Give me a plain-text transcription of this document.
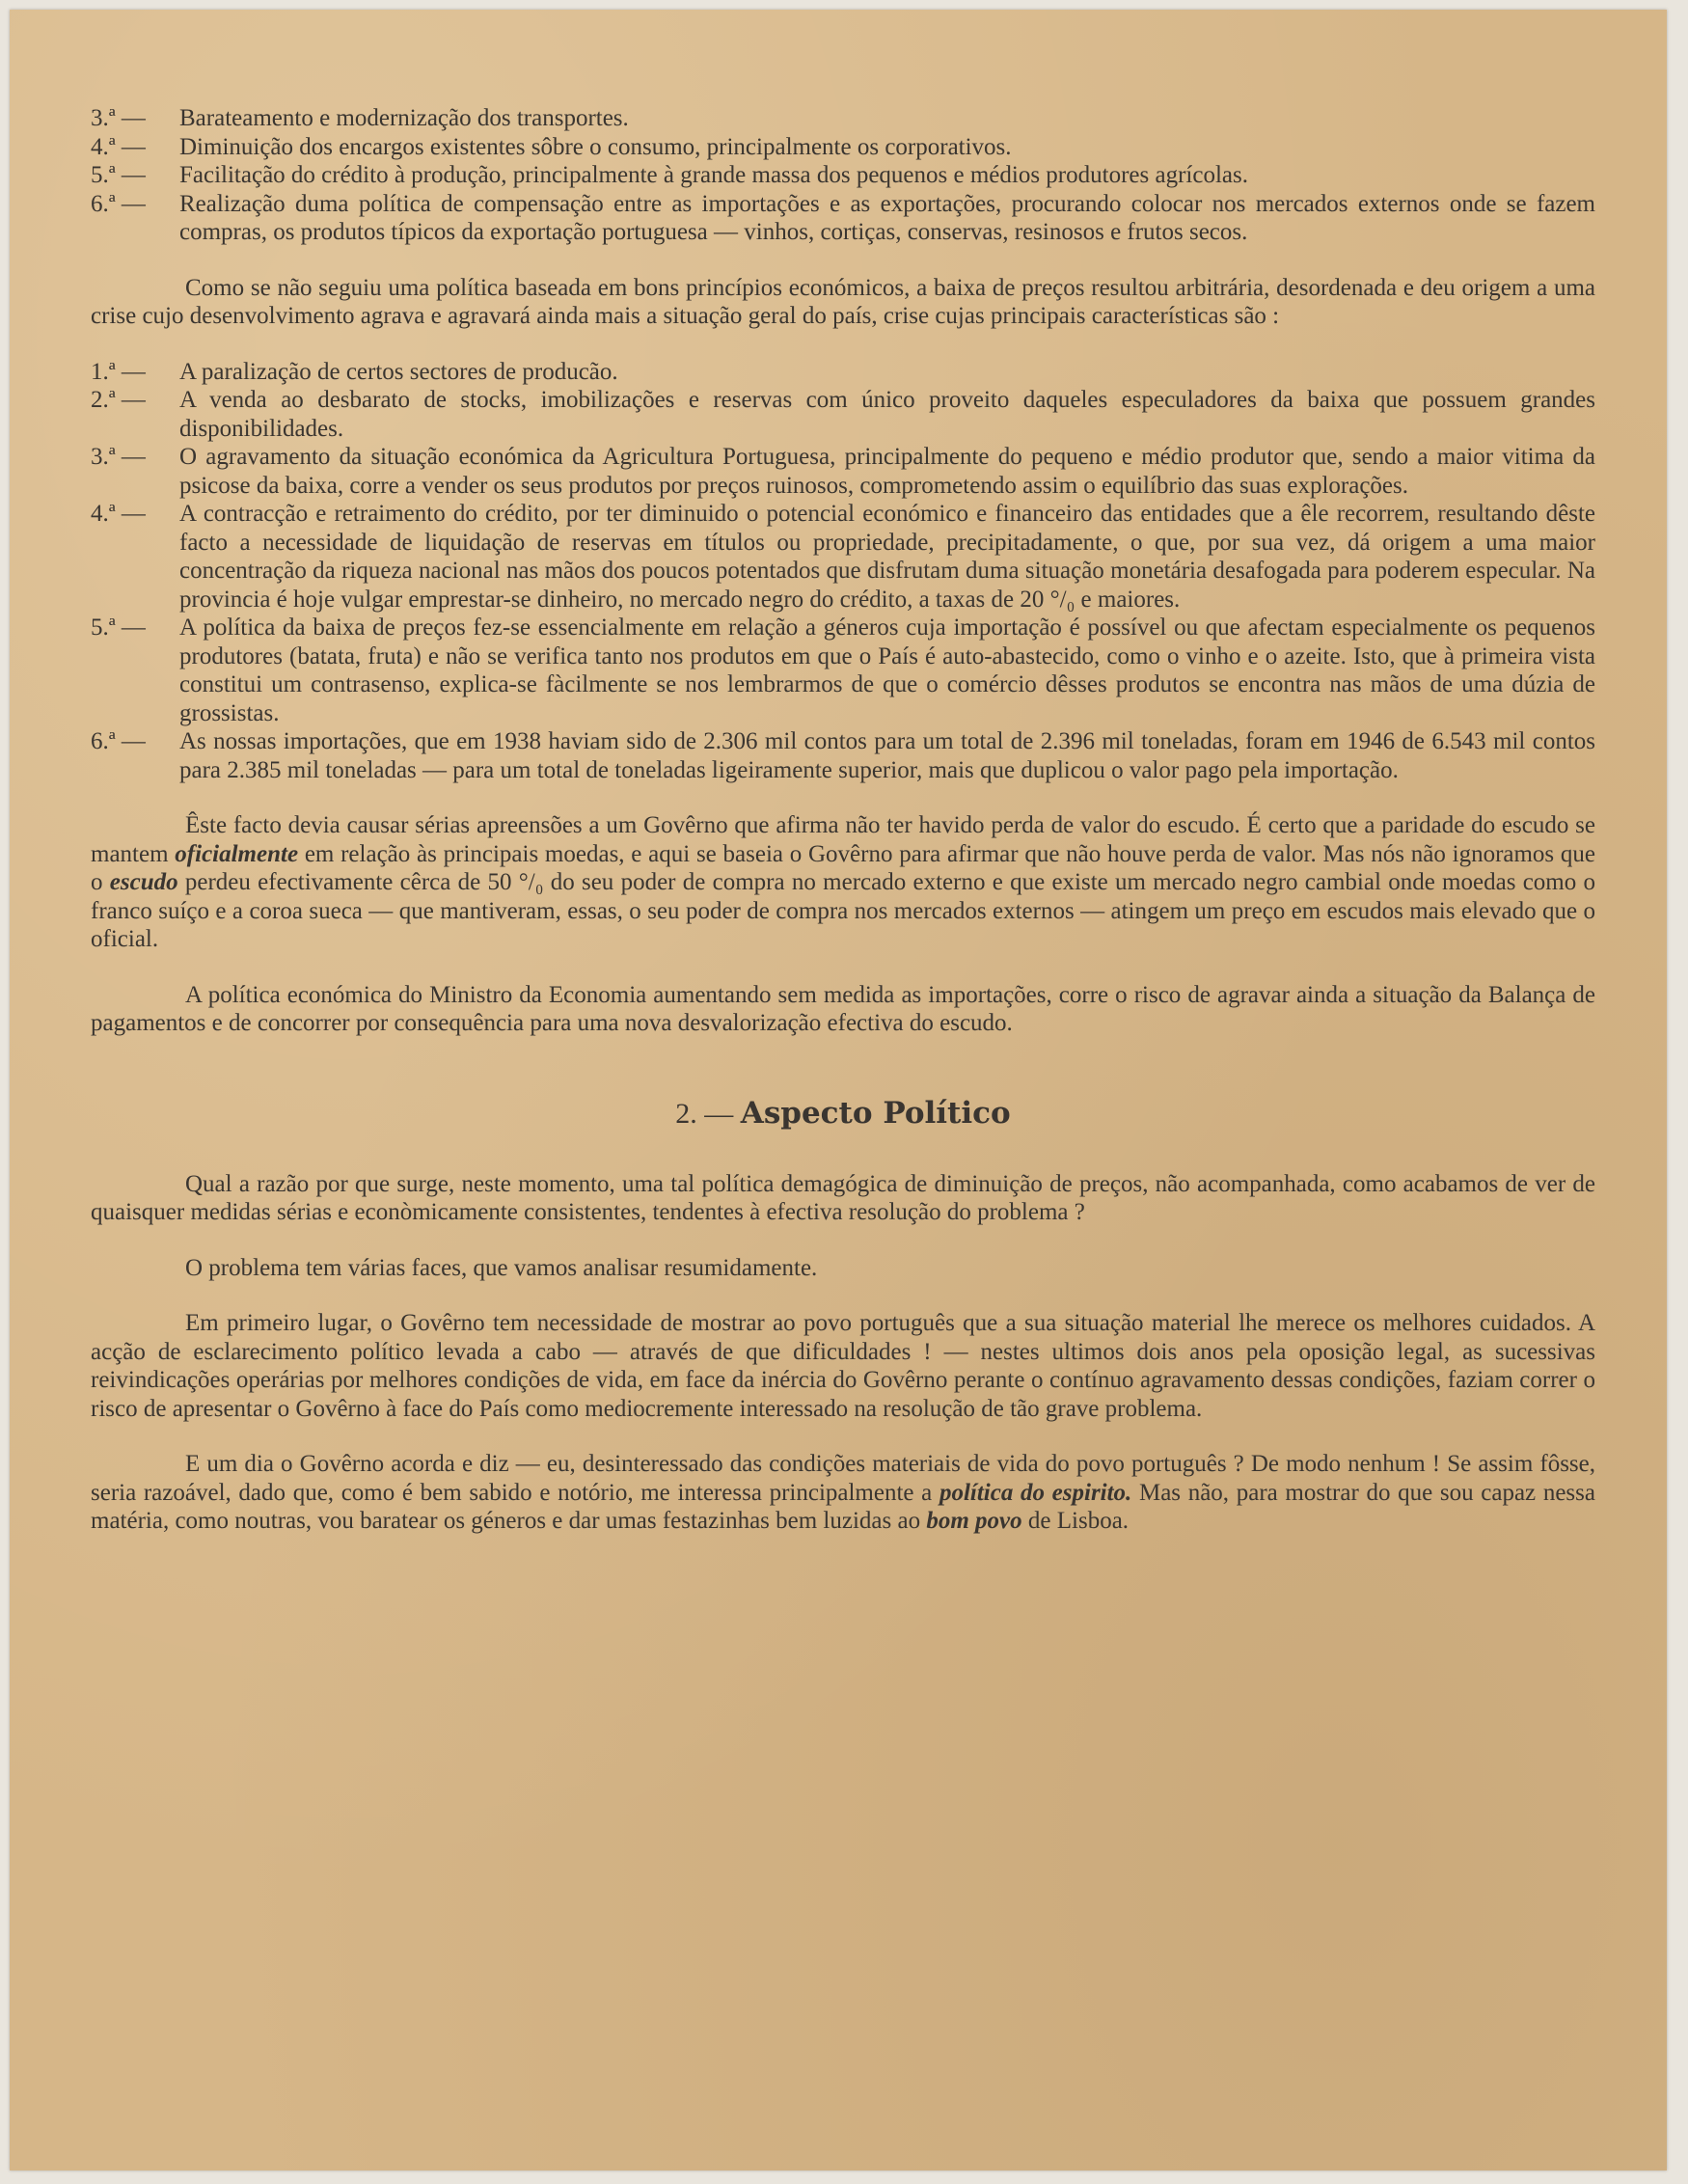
3.ª —	Barateamento e modernização dos transportes.
4.ª —	Diminuição dos encargos existentes sôbre o consumo, principalmente os corporativos.
5.ª —	Facilitação do crédito à produção, principalmente à grande massa dos pequenos e médios produtores agrícolas.
6.ª —	Realização duma política de compensação entre as importações e as exportações, procurando colocar nos mercados externos onde se fazem compras, os produtos típicos da exportação portuguesa — vinhos, cortiças, conservas, resinosos e frutos secos.

Como se não seguiu uma política baseada em bons princípios económicos, a baixa de preços resultou arbitrária, desordenada e deu origem a uma crise cujo desenvolvimento agrava e agravará ainda mais a situação geral do país, crise cujas principais características são :

1.ª —	A paralização de certos sectores de producão.
2.ª —	A venda ao desbarato de stocks, imobilizações e reservas com único proveito daqueles especuladores da baixa que possuem grandes disponibilidades.
3.ª —	O agravamento da situação económica da Agricultura Portuguesa, principalmente do pequeno e médio produtor que, sendo a maior vitima da psicose da baixa, corre a vender os seus produtos por preços ruinosos, comprometendo assim o equilíbrio das suas explorações.
4.ª —	A contracção e retraimento do crédito, por ter diminuido o potencial económico e financeiro das entidades que a êle recorrem, resultando dêste facto a necessidade de liquidação de reservas em títulos ou propriedade, precipitadamente, o que, por sua vez, dá origem a uma maior concentração da riqueza nacional nas mãos dos poucos potentados que disfrutam duma situação monetária desafogada para poderem especular. Na provincia é hoje vulgar emprestar-se dinheiro, no mercado negro do crédito, a taxas de 20 °/₀ e maiores.
5.ª —	A política da baixa de preços fez-se essencialmente em relação a géneros cuja importação é possível ou que afectam especialmente os pequenos produtores (batata, fruta) e não se verifica tanto nos produtos em que o País é auto-abastecido, como o vinho e o azeite. Isto, que à primeira vista constitui um contrasenso, explica-se fàcilmente se nos lembrarmos de que o comércio dêsses produtos se encontra nas mãos de uma dúzia de grossistas.
6.ª —	As nossas importações, que em 1938 haviam sido de 2.306 mil contos para um total de 2.396 mil toneladas, foram em 1946 de 6.543 mil contos para 2.385 mil toneladas — para um total de toneladas ligeiramente superior, mais que duplicou o valor pago pela importação.

Êste facto devia causar sérias apreensões a um Govêrno que afirma não ter havido perda de valor do escudo. É certo que a paridade do escudo se mantem oficialmente em relação às principais moedas, e aqui se baseia o Govêrno para afirmar que não houve perda de valor. Mas nós não ignoramos que o escudo perdeu efectivamente cêrca de 50 °/₀ do seu poder de compra no mercado externo e que existe um mercado negro cambial onde moedas como o franco suíço e a coroa sueca — que mantiveram, essas, o seu poder de compra nos mercados externos — atingem um preço em escudos mais elevado que o oficial.

A política económica do Ministro da Economia aumentando sem medida as importações, corre o risco de agravar ainda a situação da Balança de pagamentos e de concorrer por consequência para uma nova desvalorização efectiva do escudo.

2. — Aspecto Político

Qual a razão por que surge, neste momento, uma tal política demagógica de diminuição de preços, não acompanhada, como acabamos de ver de quaisquer medidas sérias e econòmicamente consistentes, tendentes à efectiva resolução do problema ?

O problema tem várias faces, que vamos analisar resumidamente.

Em primeiro lugar, o Govêrno tem necessidade de mostrar ao povo português que a sua situação material lhe merece os melhores cuidados. A acção de esclarecimento político levada a cabo — através de que dificuldades ! — nestes ultimos dois anos pela oposição legal, as sucessivas reivindicações operárias por melhores condições de vida, em face da inércia do Govêrno perante o contínuo agravamento dessas condições, faziam correr o risco de apresentar o Govêrno à face do País como mediocremente interessado na resolução de tão grave problema.

E um dia o Govêrno acorda e diz — eu, desinteressado das condições materiais de vida do povo português ? De modo nenhum ! Se assim fôsse, seria razoável, dado que, como é bem sabido e notório, me interessa principalmente a política do espirito. Mas não, para mostrar do que sou capaz nessa matéria, como noutras, vou baratear os géneros e dar umas festazinhas bem luzidas ao bom povo de Lisboa.
